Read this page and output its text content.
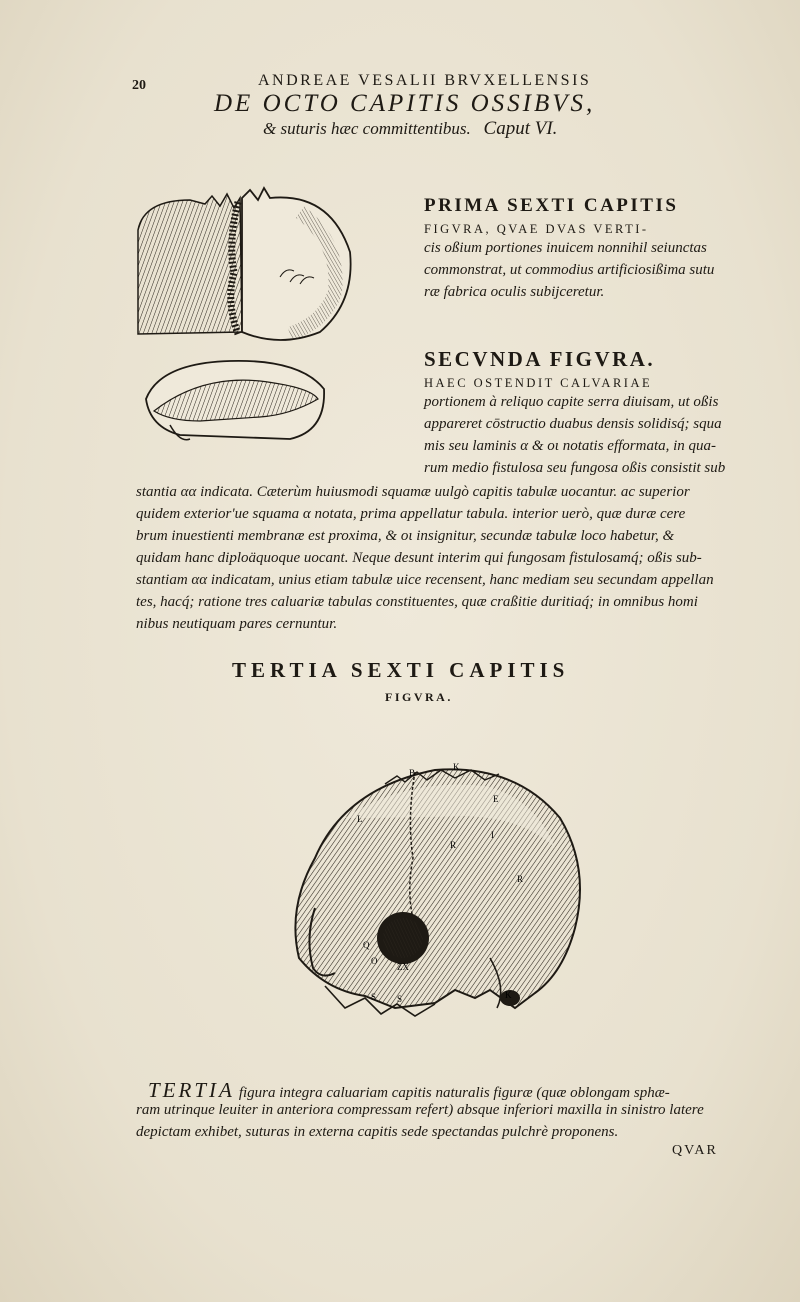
20	ANDREAE VESALII BRVXELLENSIS
DE OCTO CAPITIS OSSIBVS,
& suturis hæc committentibus. Caput VI.
PRIMA SEXTI CAPITIS
FIGVRA, QVAE DVAS VERTI-
cis oßium portiones inuicem nonnihil seiunctas
commonstrat, ut commodius artificiosißima sutu
ræ fabrica oculis subijceretur.
SECVNDA FIGVRA.
HAEC OSTENDIT CALVARIAE
portionem à reliquo capite serra diuisam, ut oßis
appareret cōstructio duabus densis solidisq́; squa
mis seu laminis α & οι notatis efformata, in qua-
rum medio fistulosa seu fungosa oßis consistit sub
stantia αα indicata. Cæterùm huiusmodi squamæ uulgò capitis tabulæ uocantur. ac superior
quidem exterior'ue squama α notata, prima appellatur tabula. interior uerò, quæ duræ cere
brum inuestienti membranæ est proxima, & οι insignitur, secundæ tabulæ loco habetur, &
quidam hanc diploäquoque uocant. Neque desunt interim qui fungosam fistulosamq́; oßis sub-
stantiam αα indicatam, unius etiam tabulæ uice recensent, hanc mediam seu secundam appellan
tes, hacq́; ratione tres caluariæ tabulas constituentes, quæ craßitie duritiaq́; in omnibus homi
nibus neutiquam pares cernuntur.
TERTIA SEXTI CAPITIS
FIGVRA.
B
K
E
L
R
I
R
S S
ZX
K
O
Q
TERTIA figura integra caluariam capitis naturalis figuræ (quæ oblongam sphæ-
ram utrinque leuiter in anteriora compressam refert) absque inferiori maxilla in sinistro latere
depictam exhibet, suturas in externa capitis sede spectandas pulchrè proponens.
QVAR
